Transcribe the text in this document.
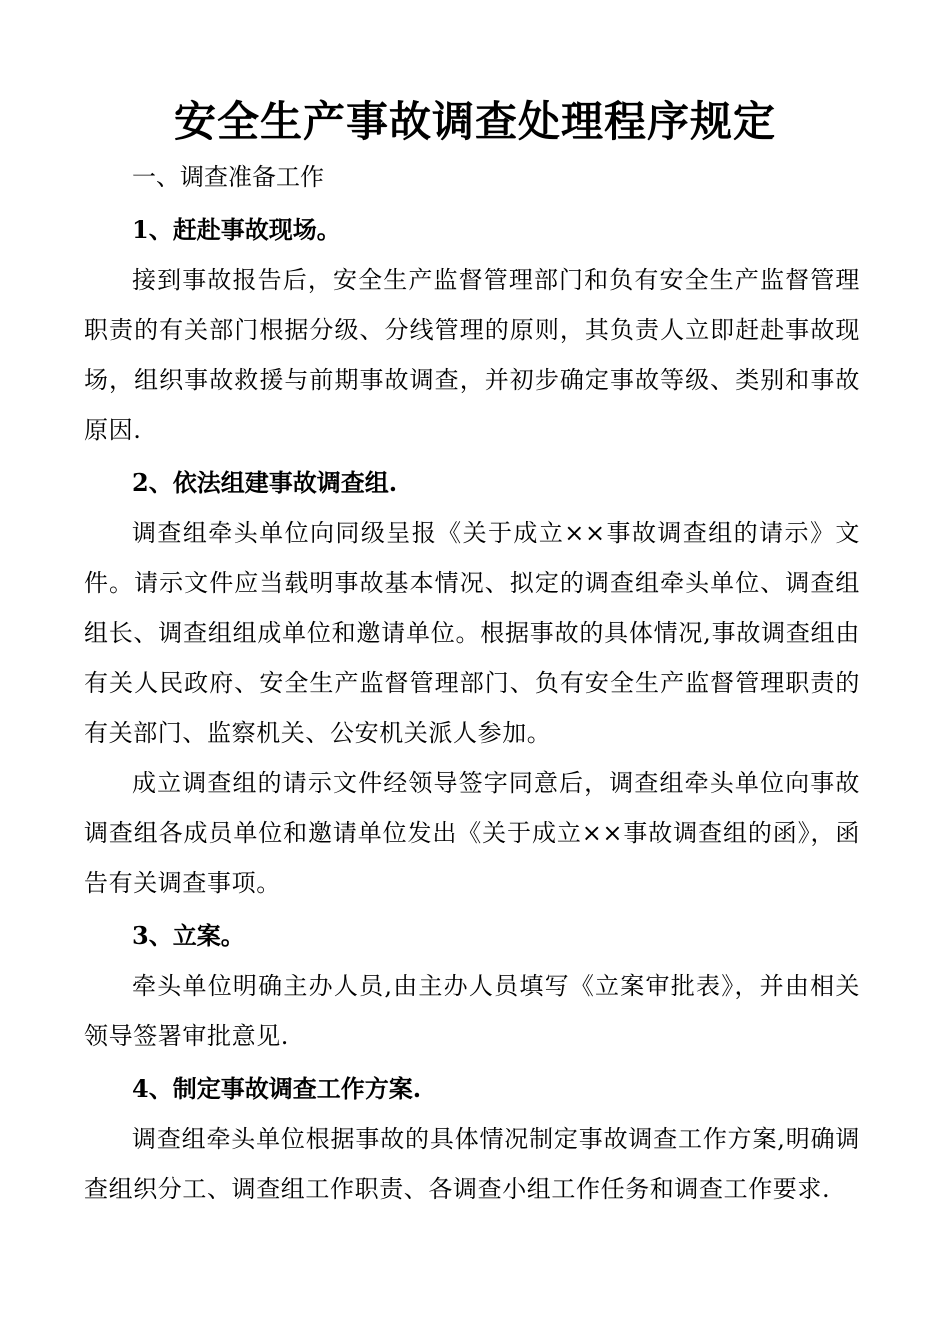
安全生产事故调查处理程序规定
一、调查准备工作
1、赶赴事故现场。
接到事故报告后，安全生产监督管理部门和负有安全生产监督管理职责的有关部门根据分级、分线管理的原则，其负责人立即赶赴事故现场，组织事故救援与前期事故调查，并初步确定事故等级、类别和事故原因.
2、依法组建事故调查组.
调查组牵头单位向同级呈报《关于成立××事故调查组的请示》文件。请示文件应当载明事故基本情况、拟定的调查组牵头单位、调查组组长、调查组组成单位和邀请单位。根据事故的具体情况,事故调查组由有关人民政府、安全生产监督管理部门、负有安全生产监督管理职责的有关部门、监察机关、公安机关派人参加。
成立调查组的请示文件经领导签字同意后，调查组牵头单位向事故调查组各成员单位和邀请单位发出《关于成立××事故调查组的函》，函告有关调查事项。
3、立案。
牵头单位明确主办人员,由主办人员填写《立案审批表》，并由相关领导签署审批意见.
4、制定事故调查工作方案.
调查组牵头单位根据事故的具体情况制定事故调查工作方案,明确调查组织分工、调查组工作职责、各调查小组工作任务和调查工作要求.
